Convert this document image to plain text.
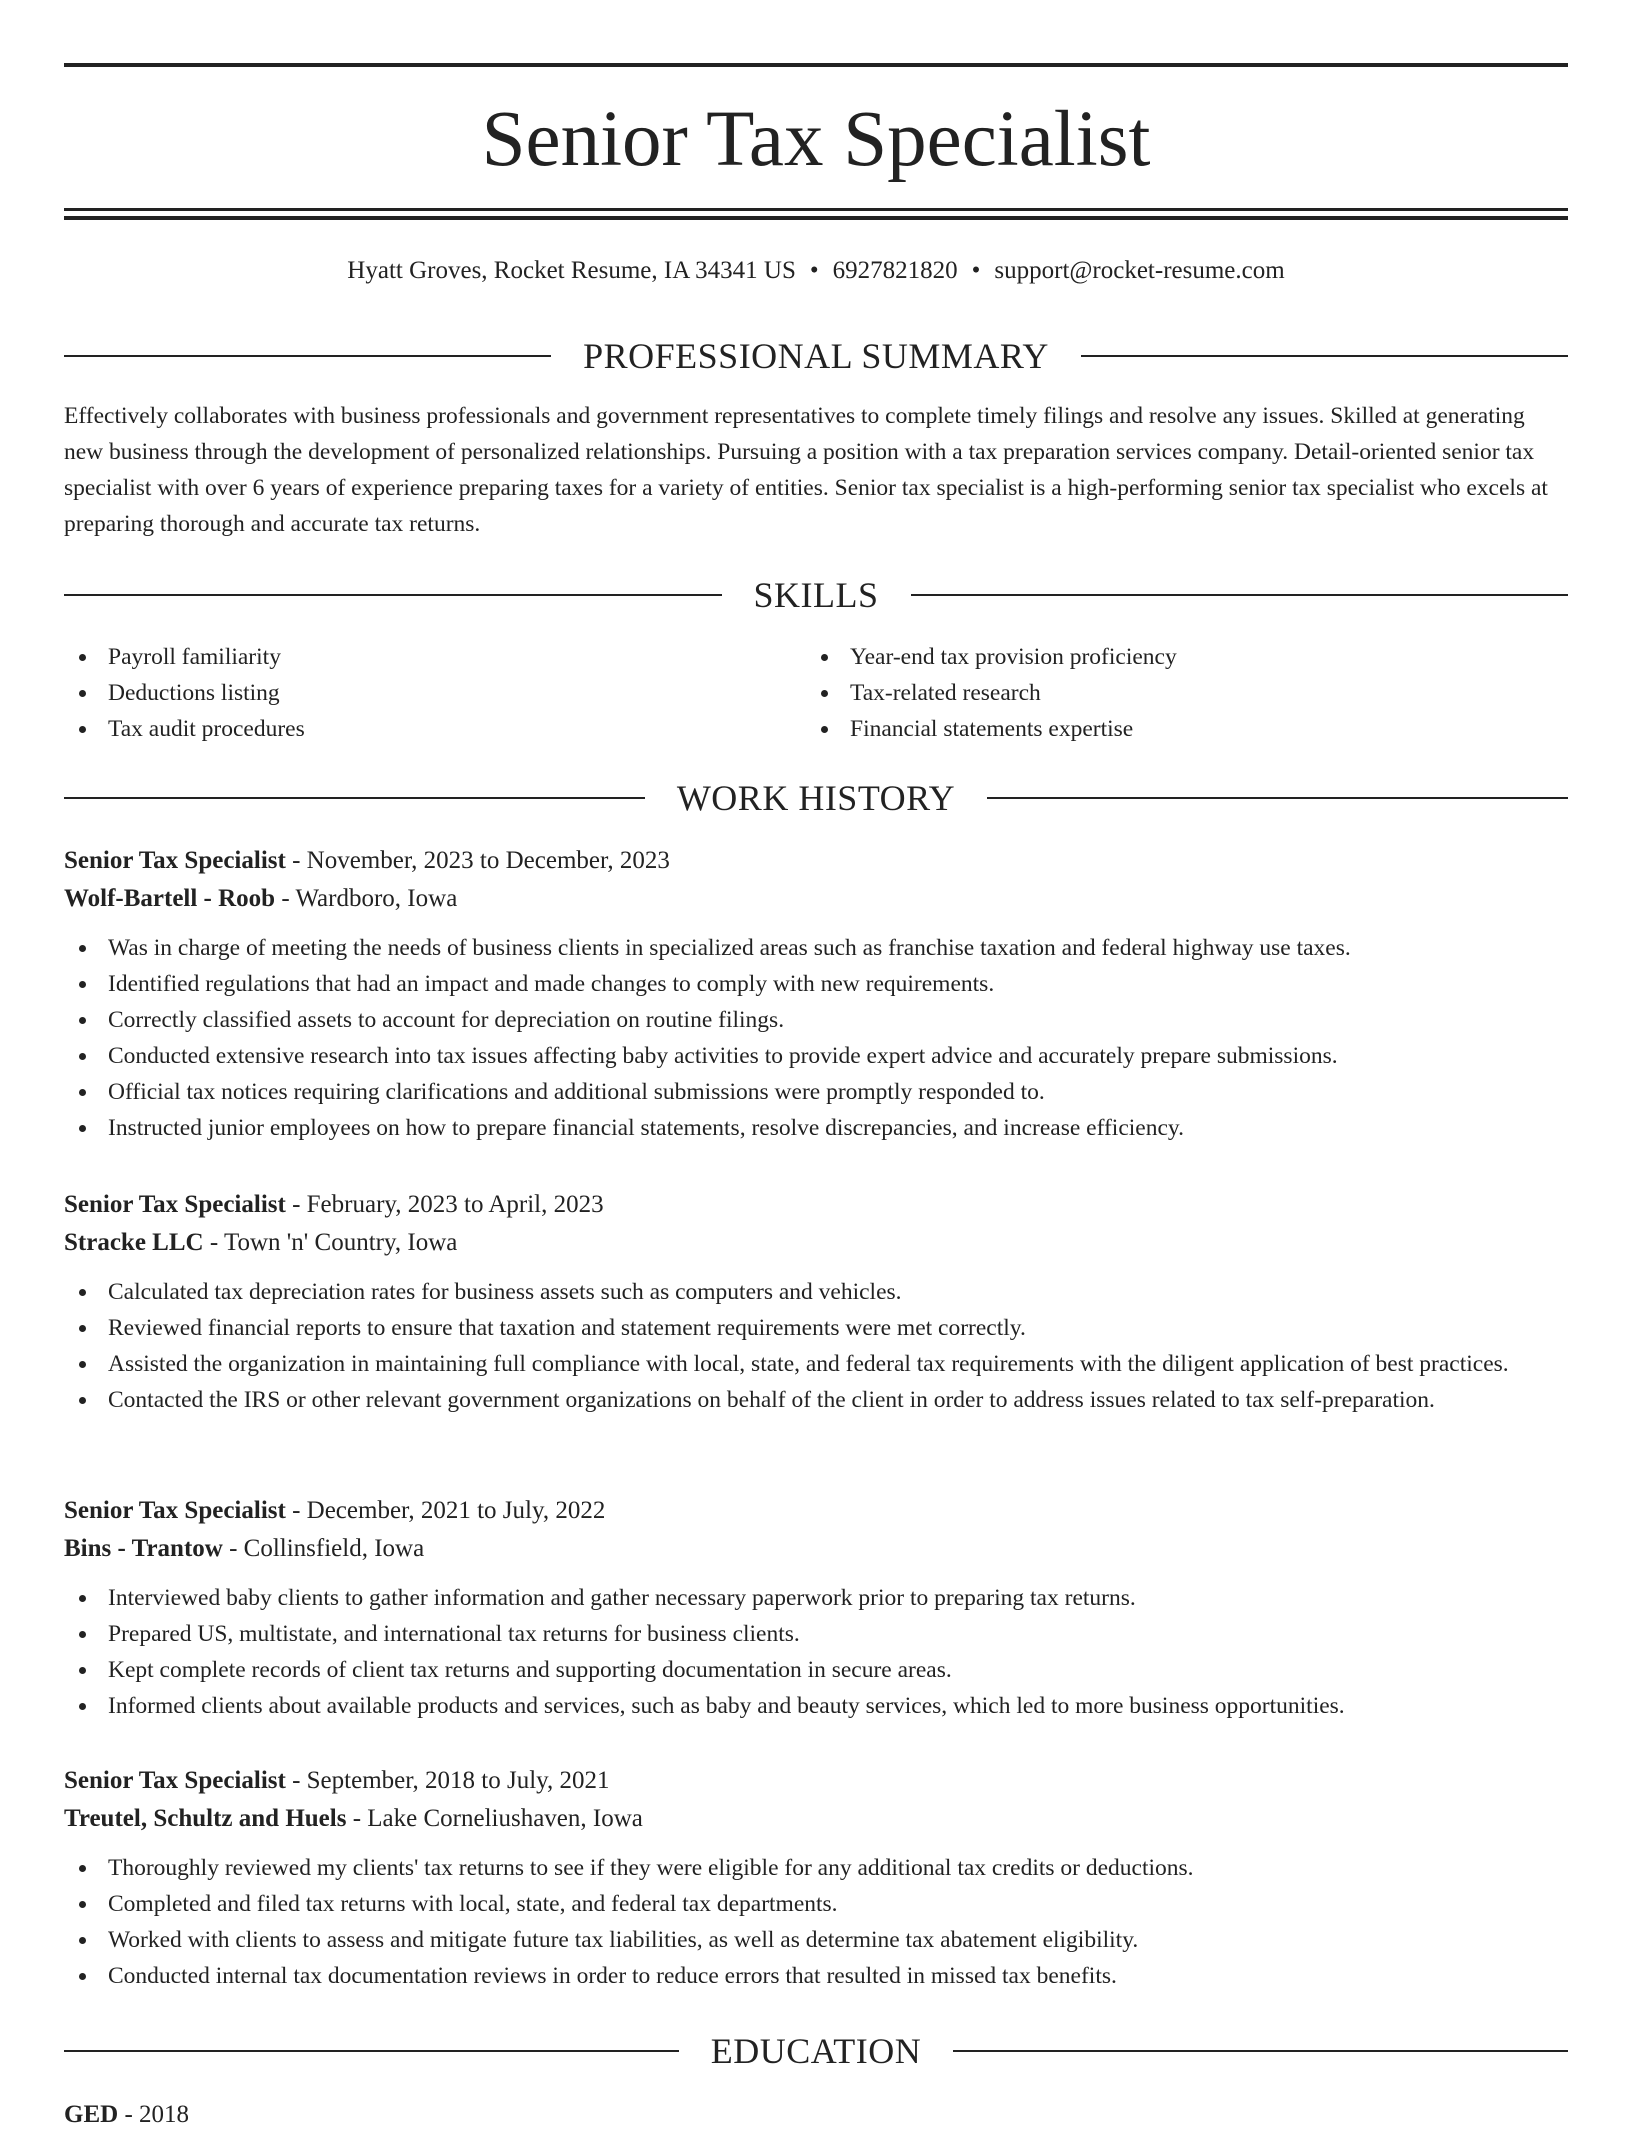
Senior Tax Specialist
Hyatt Groves, Rocket Resume, IA 34341 US • 6927821820 • support@rocket-resume.com
PROFESSIONAL SUMMARY

Effectively collaborates with business professionals and government representatives to complete timely filings and resolve any issues. Skilled at generating new business through the development of personalized relationships. Pursuing a position with a tax preparation services company. Detail-oriented senior tax specialist with over 6 years of experience preparing taxes for a variety of entities. Senior tax specialist is a high-performing senior tax specialist who excels at preparing thorough and accurate tax returns.

SKILLS
Payroll familiarity
Deductions listing
Tax audit procedures
Year-end tax provision proficiency
Tax-related research
Financial statements expertise
WORK HISTORY
Senior Tax Specialist - November, 2023 to December, 2023
Wolf-Bartell - Roob - Wardboro, Iowa
Was in charge of meeting the needs of business clients in specialized areas such as franchise taxation and federal highway use taxes.
Identified regulations that had an impact and made changes to comply with new requirements.
Correctly classified assets to account for depreciation on routine filings.
Conducted extensive research into tax issues affecting baby activities to provide expert advice and accurately prepare submissions.
Official tax notices requiring clarifications and additional submissions were promptly responded to.
Instructed junior employees on how to prepare financial statements, resolve discrepancies, and increase efficiency.
Senior Tax Specialist - February, 2023 to April, 2023
Stracke LLC - Town 'n' Country, Iowa
Calculated tax depreciation rates for business assets such as computers and vehicles.
Reviewed financial reports to ensure that taxation and statement requirements were met correctly.
Assisted the organization in maintaining full compliance with local, state, and federal tax requirements with the diligent application of best practices.
Contacted the IRS or other relevant government organizations on behalf of the client in order to address issues related to tax self-preparation.
Senior Tax Specialist - December, 2021 to July, 2022
Bins - Trantow - Collinsfield, Iowa
Interviewed baby clients to gather information and gather necessary paperwork prior to preparing tax returns.
Prepared US, multistate, and international tax returns for business clients.
Kept complete records of client tax returns and supporting documentation in secure areas.
Informed clients about available products and services, such as baby and beauty services, which led to more business opportunities.
Senior Tax Specialist - September, 2018 to July, 2021
Treutel, Schultz and Huels - Lake Corneliushaven, Iowa
Thoroughly reviewed my clients' tax returns to see if they were eligible for any additional tax credits or deductions.
Completed and filed tax returns with local, state, and federal tax departments.
Worked with clients to assess and mitigate future tax liabilities, as well as determine tax abatement eligibility.
Conducted internal tax documentation reviews in order to reduce errors that resulted in missed tax benefits.
EDUCATION
GED - 2018
